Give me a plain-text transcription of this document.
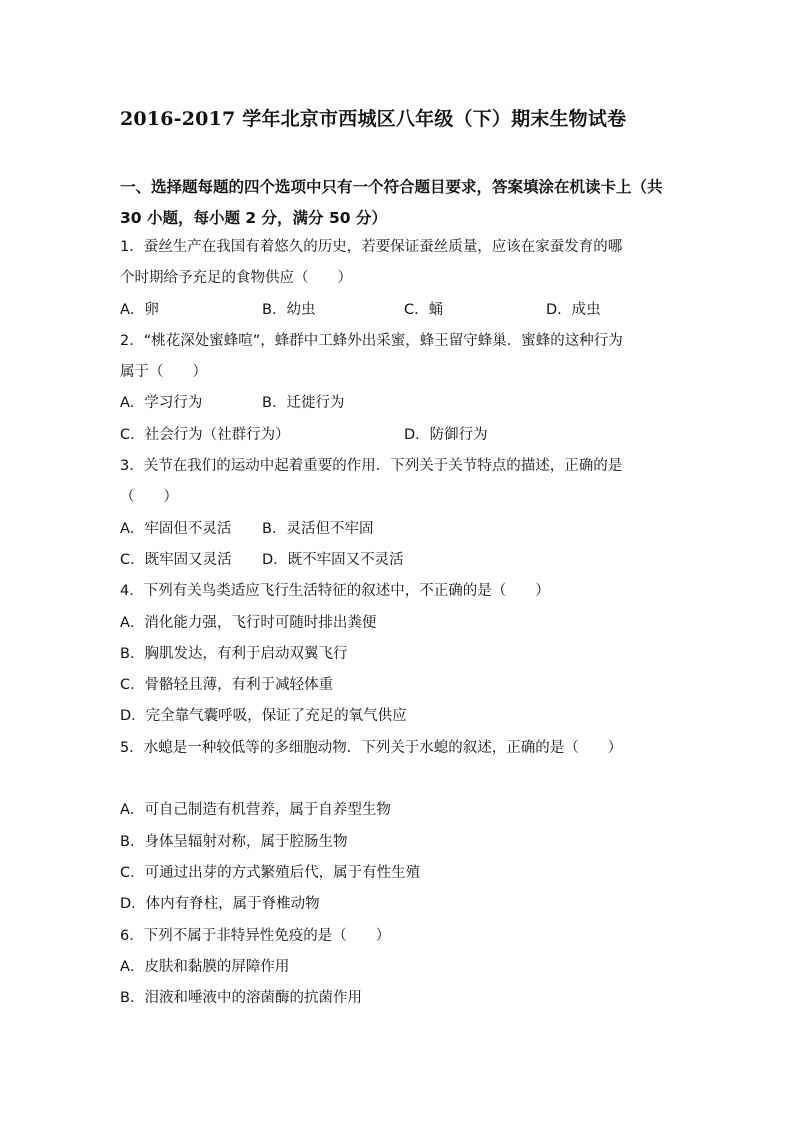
2016-2017 学年北京市西城区八年级（下）期末生物试卷
一、选择题每题的四个选项中只有一个符合题目要求，答案填涂在机读卡上（共
30 小题，每小题 2 分，满分 50 分）
1．蚕丝生产在我国有着悠久的历史，若要保证蚕丝质量，应该在家蚕发育的哪
个时期给予充足的食物供应（　　）
A．卵	B．幼虫	C．蛹	D．成虫
2．“桃花深处蜜蜂喧”，蜂群中工蜂外出采蜜，蜂王留守蜂巢．蜜蜂的这种行为
属于（　　）
A．学习行为	B．迁徙行为
C．社会行为（社群行为）	D．防御行为
3．关节在我们的运动中起着重要的作用．下列关于关节特点的描述，正确的是
（　　）
A．牢固但不灵活	B．灵活但不牢固
C．既牢固又灵活	D．既不牢固又不灵活
4．下列有关鸟类适应飞行生活特征的叙述中，不正确的是（　　）
A．消化能力强，飞行时可随时排出粪便
B．胸肌发达，有利于启动双翼飞行
C．骨骼轻且薄，有利于减轻体重
D．完全靠气囊呼吸，保证了充足的氧气供应
5．水螅是一种较低等的多细胞动物．下列关于水螅的叙述，正确的是（　　）
A．可自己制造有机营养，属于自养型生物
B．身体呈辐射对称，属于腔肠生物
C．可通过出芽的方式繁殖后代，属于有性生殖
D．体内有脊柱，属于脊椎动物
6．下列不属于非特异性免疫的是（　　）
A．皮肤和黏膜的屏障作用
B．泪液和唾液中的溶菌酶的抗菌作用
